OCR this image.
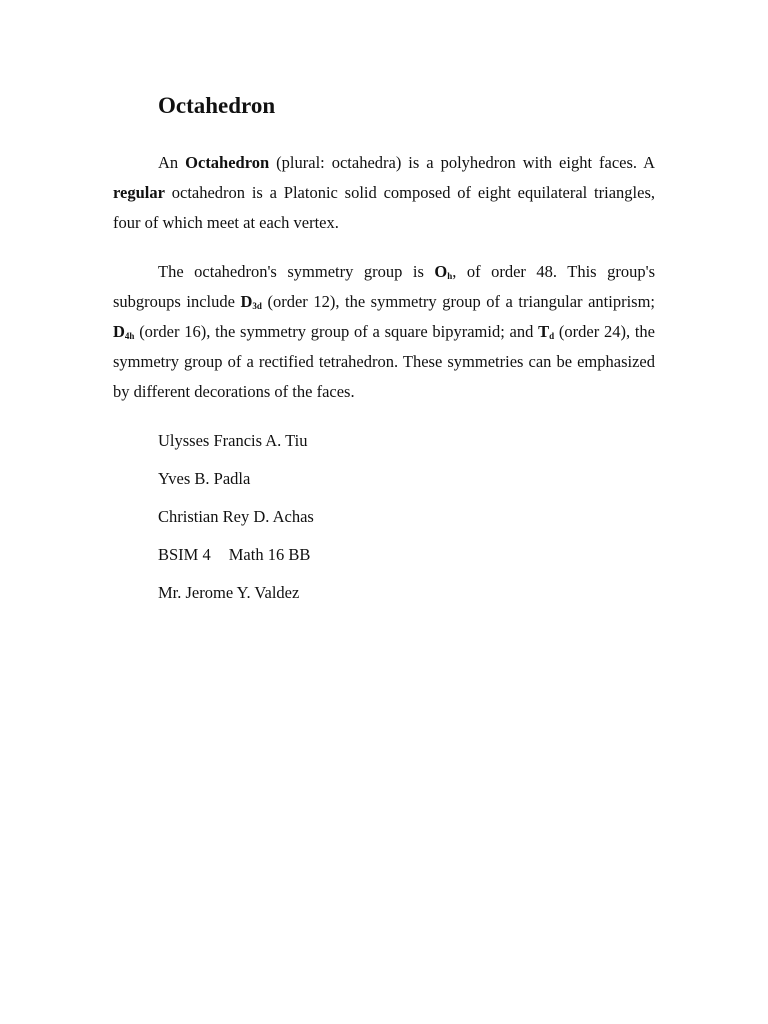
Octahedron

An Octahedron (plural: octahedra) is a polyhedron with eight faces. A regular octahedron is a Platonic solid composed of eight equilateral triangles, four of which meet at each vertex.

The octahedron's symmetry group is $O_h$, of order 48. This group's subgroups include $D_{3d}$ (order 12), the symmetry group of a triangular antiprism; $D_{4h}$ (order 16), the symmetry group of a square bipyramid; and $T_d$ (order 24), the symmetry group of a rectified tetrahedron. These symmetries can be emphasized by different decorations of the faces.

Ulysses Francis A. Tiu
Yves B. Padla
Christian Rey D. Achas
BSIM 4 Math 16 BB
Mr. Jerome Y. Valdez
